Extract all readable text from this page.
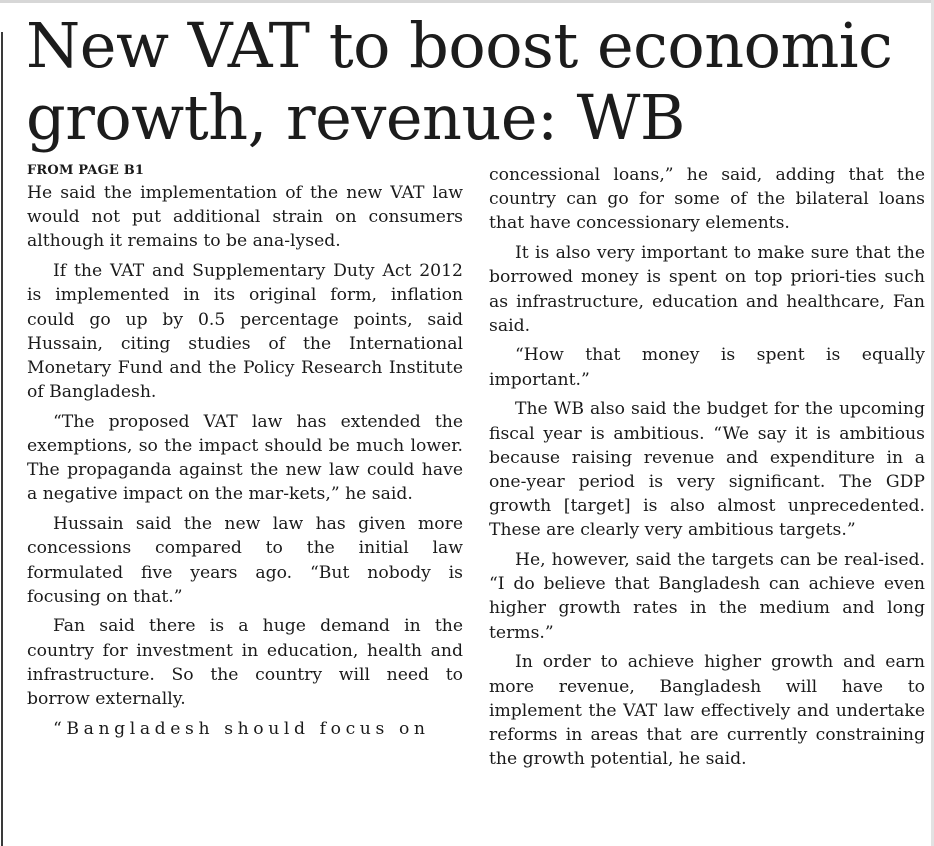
New VAT to boost economic growth, revenue: WB
FROM PAGE B1

He said the implementation of the new VAT law would not put additional strain on consumers although it remains to be ana-lysed.

If the VAT and Supplementary Duty Act 2012 is implemented in its original form, inflation could go up by 0.5 percentage points, said Hussain, citing studies of the International Monetary Fund and the Policy Research Institute of Bangladesh.

“The proposed VAT law has extended the exemptions, so the impact should be much lower. The propaganda against the new law could have a negative impact on the mar-kets,” he said.

Hussain said the new law has given more concessions compared to the initial law formulated five years ago. “But nobody is focusing on that.”

Fan said there is a huge demand in the country for investment in education, health and infrastructure. So the country will need to borrow externally.

“Bangladesh should focus on

concessional loans,” he said, adding that the country can go for some of the bilateral loans that have concessionary elements.

It is also very important to make sure that the borrowed money is spent on top priori-ties such as infrastructure, education and healthcare, Fan said.

“How that money is spent is equally important.”

The WB also said the budget for the upcoming fiscal year is ambitious. “We say it is ambitious because raising revenue and expenditure in a one-year period is very significant. The GDP growth [target] is also almost unprecedented. These are clearly very ambitious targets.”

He, however, said the targets can be real-ised. “I do believe that Bangladesh can achieve even higher growth rates in the medium and long terms.”

In order to achieve higher growth and earn more revenue, Bangladesh will have to implement the VAT law effectively and undertake reforms in areas that are currently constraining the growth potential, he said.
